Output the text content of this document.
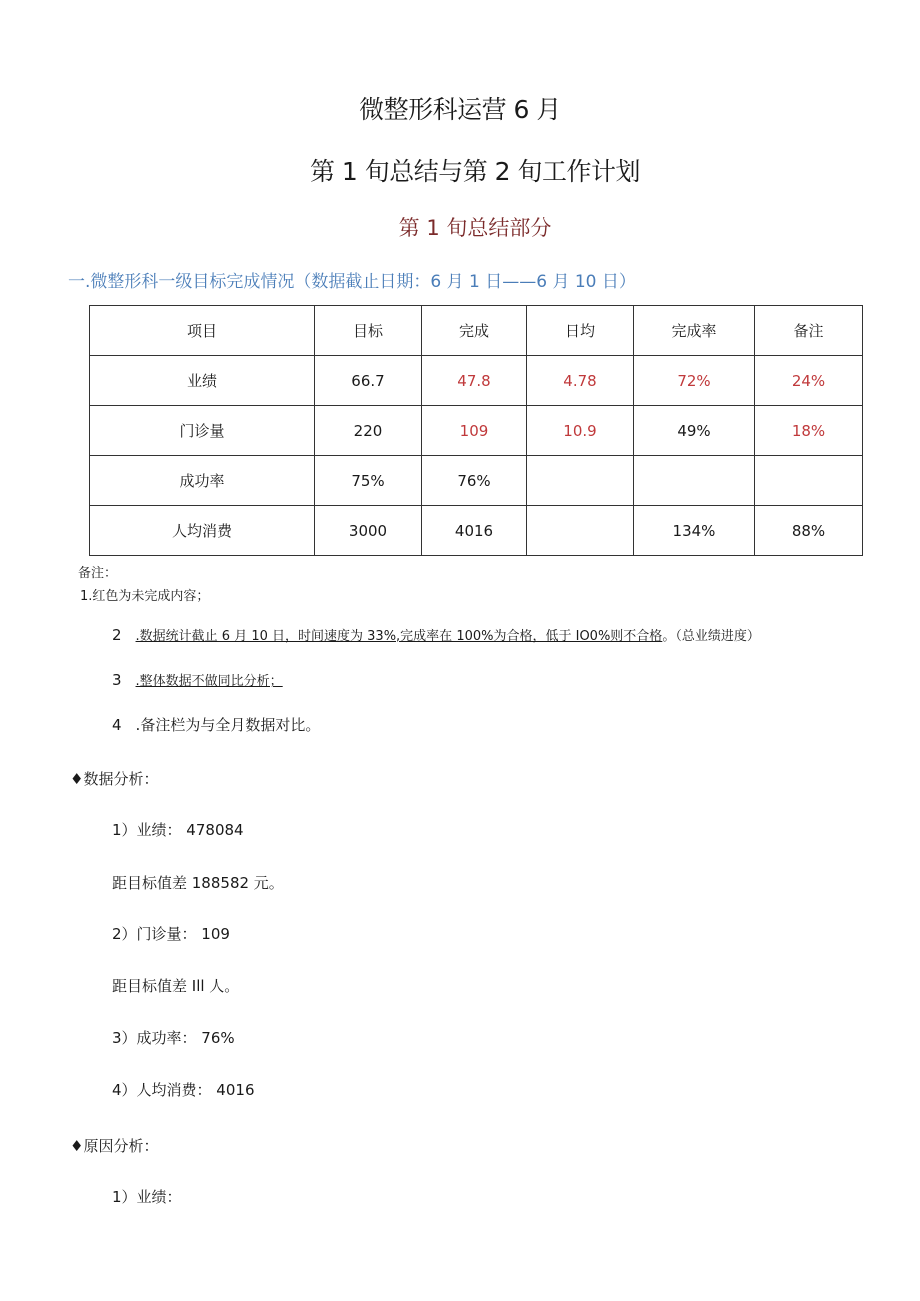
微整形科运营 6 月
第 1 旬总结与第 2 旬工作计划
第 1 旬总结部分
一.微整形科一级目标完成情况（数据截止日期：6 月 1 日——6 月 10 日）
项目	目标	完成	日均	完成率	备注
业绩	66.7	47.8	4.78	72%	24%
门诊量	220	109	10.9	49%	18%
成功率	75%	76%			
人均消费	3000	4016		134%	88%
备注：
1.红色为未完成内容；
2 .数据统计截止 6 月 10 日，时间速度为 33%,完成率在 100%为合格，低于 IO0%则不合格。（总业绩进度）
3 .整体数据不做同比分析；
4 .备注栏为与全月数据对比。
♦数据分析：
1）业绩： 478084
距目标值差 188582 元。
2）门诊量： 109
距目标值差 Ill 人。
3）成功率： 76%
4）人均消费： 4016
♦原因分析：
1）业绩：
